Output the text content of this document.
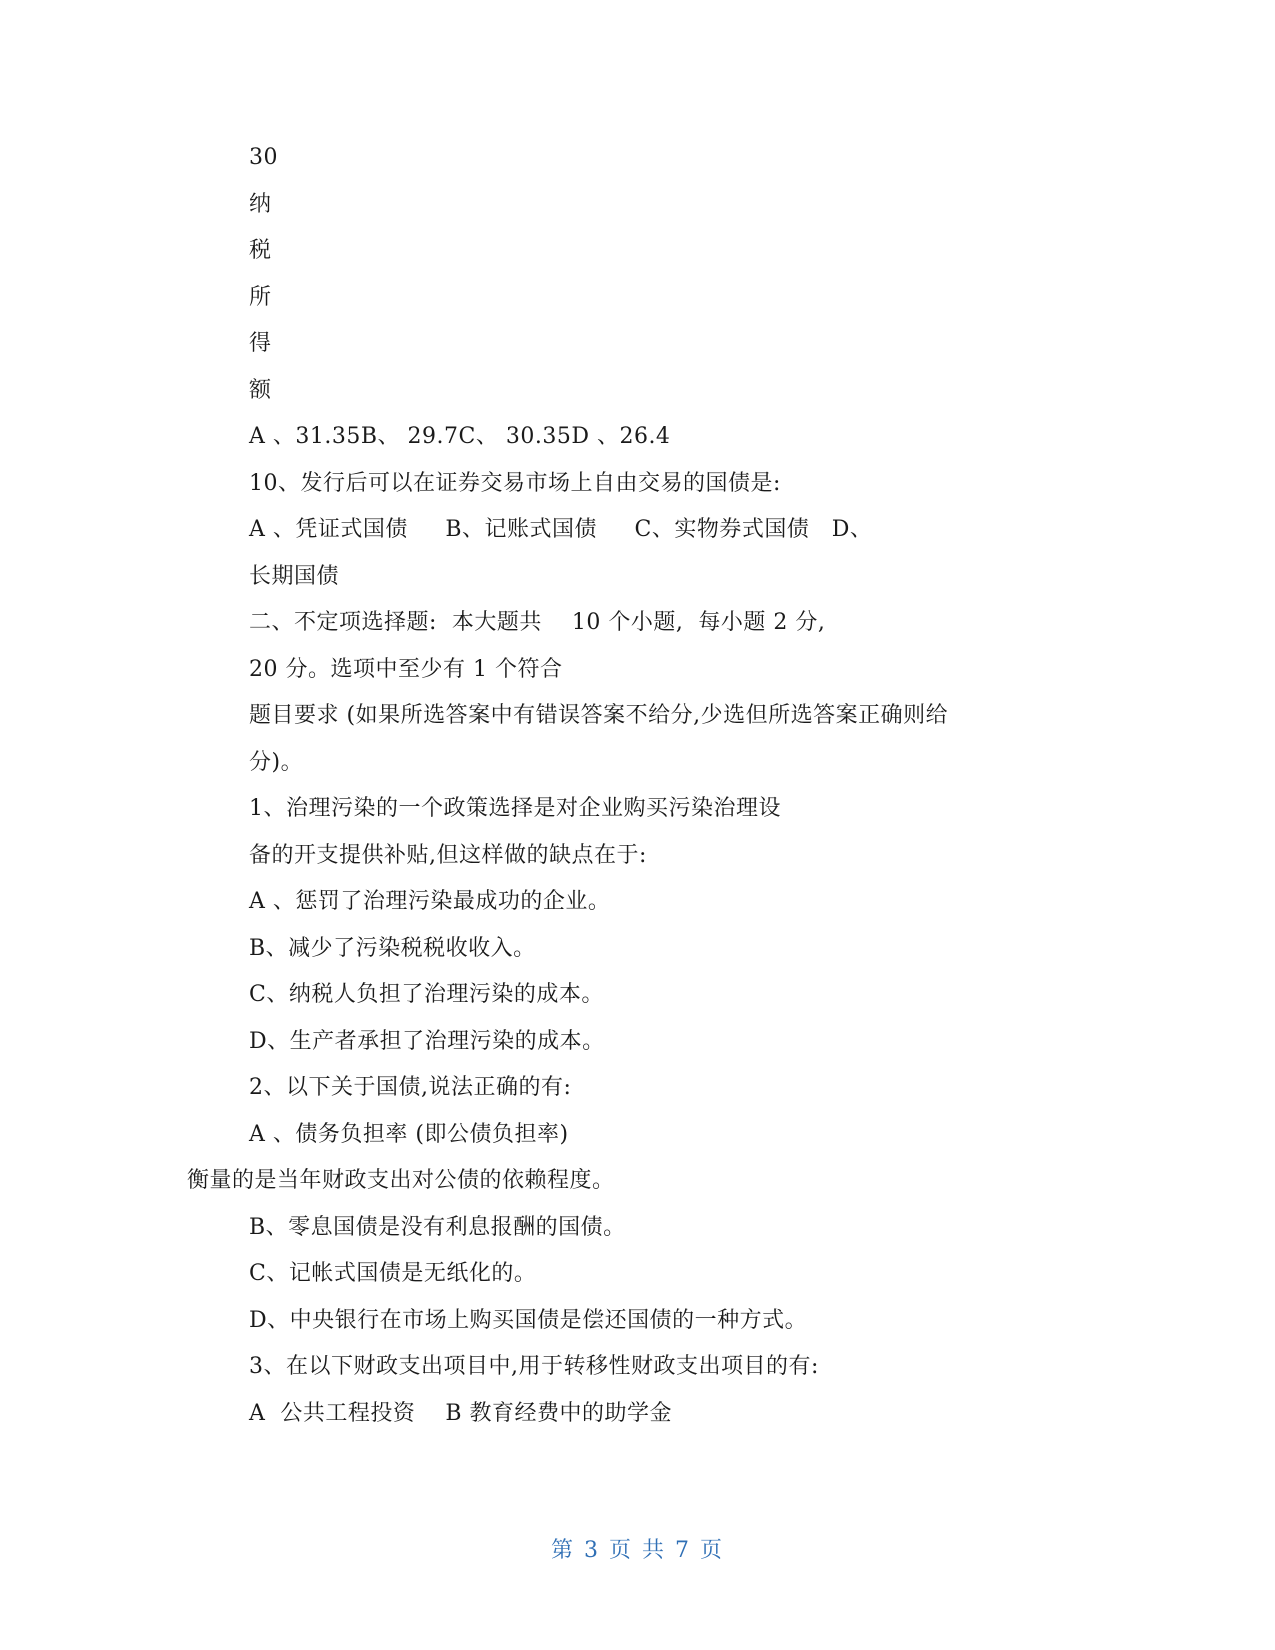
30
纳
税
所
得
额
A 、31.35B、 29.7C、 30.35D 、26.4
10、发行后可以在证券交易市场上自由交易的国债是:
A 、凭证式国债     B、记账式国债     C、实物券式国债   D、
长期国债
二、不定项选择题:  本大题共    10 个小题,  每小题 2 分,
20 分。选项中至少有 1 个符合
题目要求 (如果所选答案中有错误答案不给分,少选但所选答案正确则给
分)。
1、治理污染的一个政策选择是对企业购买污染治理设
备的开支提供补贴,但这样做的缺点在于:
A 、惩罚了治理污染最成功的企业。
B、减少了污染税税收收入。
C、纳税人负担了治理污染的成本。
D、生产者承担了治理污染的成本。
2、以下关于国债,说法正确的有:
A 、债务负担率 (即公债负担率)
衡量的是当年财政支出对公债的依赖程度。
B、零息国债是没有利息报酬的国债。
C、记帐式国债是无纸化的。
D、中央银行在市场上购买国债是偿还国债的一种方式。
3、在以下财政支出项目中,用于转移性财政支出项目的有:
A  公共工程投资    B 教育经费中的助学金
第 3 页 共 7 页
